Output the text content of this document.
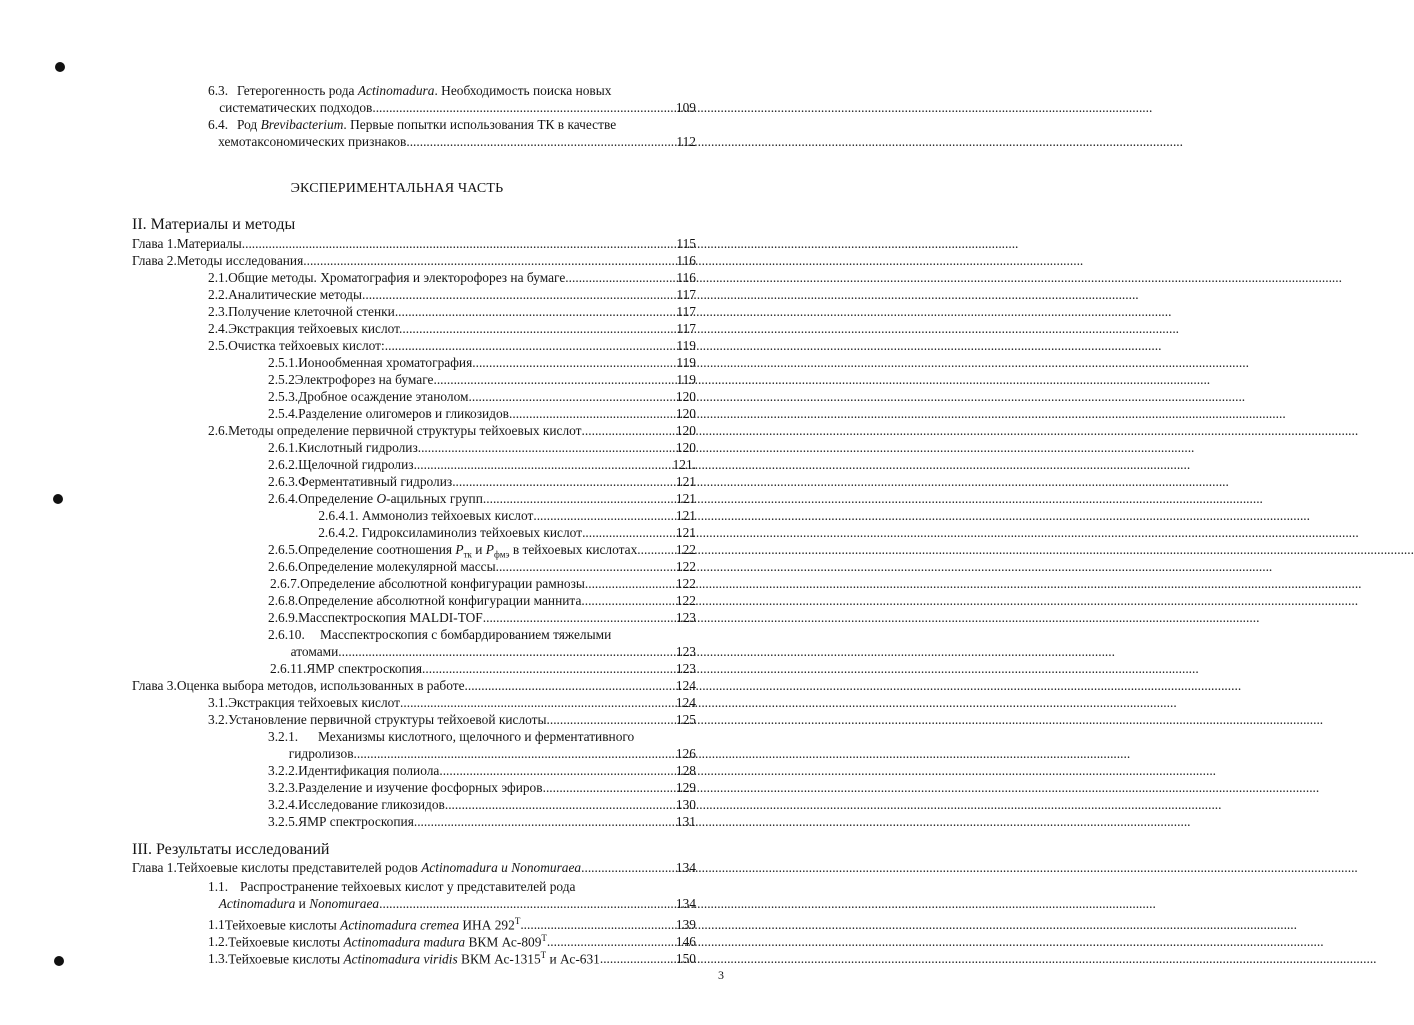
ЭКСПЕРИМЕНТАЛЬНАЯ ЧАСТЬ
II. Материалы и методы
III. Результаты исследований
3
6.3. Гетерогенность рода Actinomadura. Необходимость поиска новых
систематических подходов. .....	109
6.4. Род Brevibacterium. Первые попытки использования ТК в качестве
хемотаксономических признаков .....	112
Глава 1. Материалы .....	115
Глава 2. Методы исследования. .....	116
2.1. Общие методы. Хроматография и электорофорез на бумаге .....	116
2.2. Аналитические методы .....	117
2.3. Получение клеточной стенки .....	117
2.4. Экстракция тейхоевых кислот. .....	117
2.5. Очистка тейхоевых кислот: .....	119
2.5.1. Ионообменная хроматография .....	119
2.5.2 Электрофорез на бумаге .....	119
2.5.3. Дробное осаждение этанолом .....	120
2.5.4. Разделение олигомеров и гликозидов .....	120
2.6. Методы определение первичной структуры тейхоевых кислот .....	120
2.6.1. Кислотный гидролиз .....	120
2.6.2. Щелочной гидролиз .....	121.
2.6.3. Ферментативный гидролиз .....	121
2.6.4. Определение O-ацильных групп. .....	121
2.6.4.1. Аммонолиз тейхоевых кислот .....	121
2.6.4.2. Гидроксиламинолиз тейхоевых кислот .....	121
2.6.5. Определение соотношения $P_{тк}$ и $P_{фмэ}$ в тейхоевых кислотах .....	122
2.6.6. Определение молекулярной массы .....	122
2.6.7. Определение абсолютной конфигурации рамнозы .....	122
2.6.8. Определение абсолютной конфигурации маннита .....	122
2.6.9. Масспектроскопия MALDI-TOF .....	123
2.6.10.	Масспектроскопия с бомбардированием тяжелыми
атомами .....	123
2.6.11. ЯМР спектроскопия .....	123
Глава 3. Оценка выбора методов, использованных в работе .....	124
3.1. Экстракция тейхоевых кислот .....	124
3.2. Установление первичной структуры тейхоевой кислоты .....	125
3.2.1.	Механизмы кислотного, щелочного и ферментативного
гидролизов .....	126
3.2.2. Идентификация полиола .....	128
3.2.3. Разделение и изучение фосфорных эфиров .....	129
3.2.4. Исследование гликозидов .....	130
3.2.5. ЯМР спектроскопия .....	131
Глава 1. Тейхоевые кислоты представителей родов Actinomadura и Nonomuraea .....	134
1.1. Распространение тейхоевых кислот у представителей рода
Actinomadura и Nonomuraea .....	134
1.1 Тейхоевые кислоты Actinomadura cremea ИНА $292^Т$ .....	139
1.2. Тейхоевые кислоты Actinomadura madura ВКМ $Ас-809^Т$ .....	146
1.3. Тейхоевые кислоты Actinomadura viridis ВКМ $Ас-1315^Т$ и Ас-631 .....	150
